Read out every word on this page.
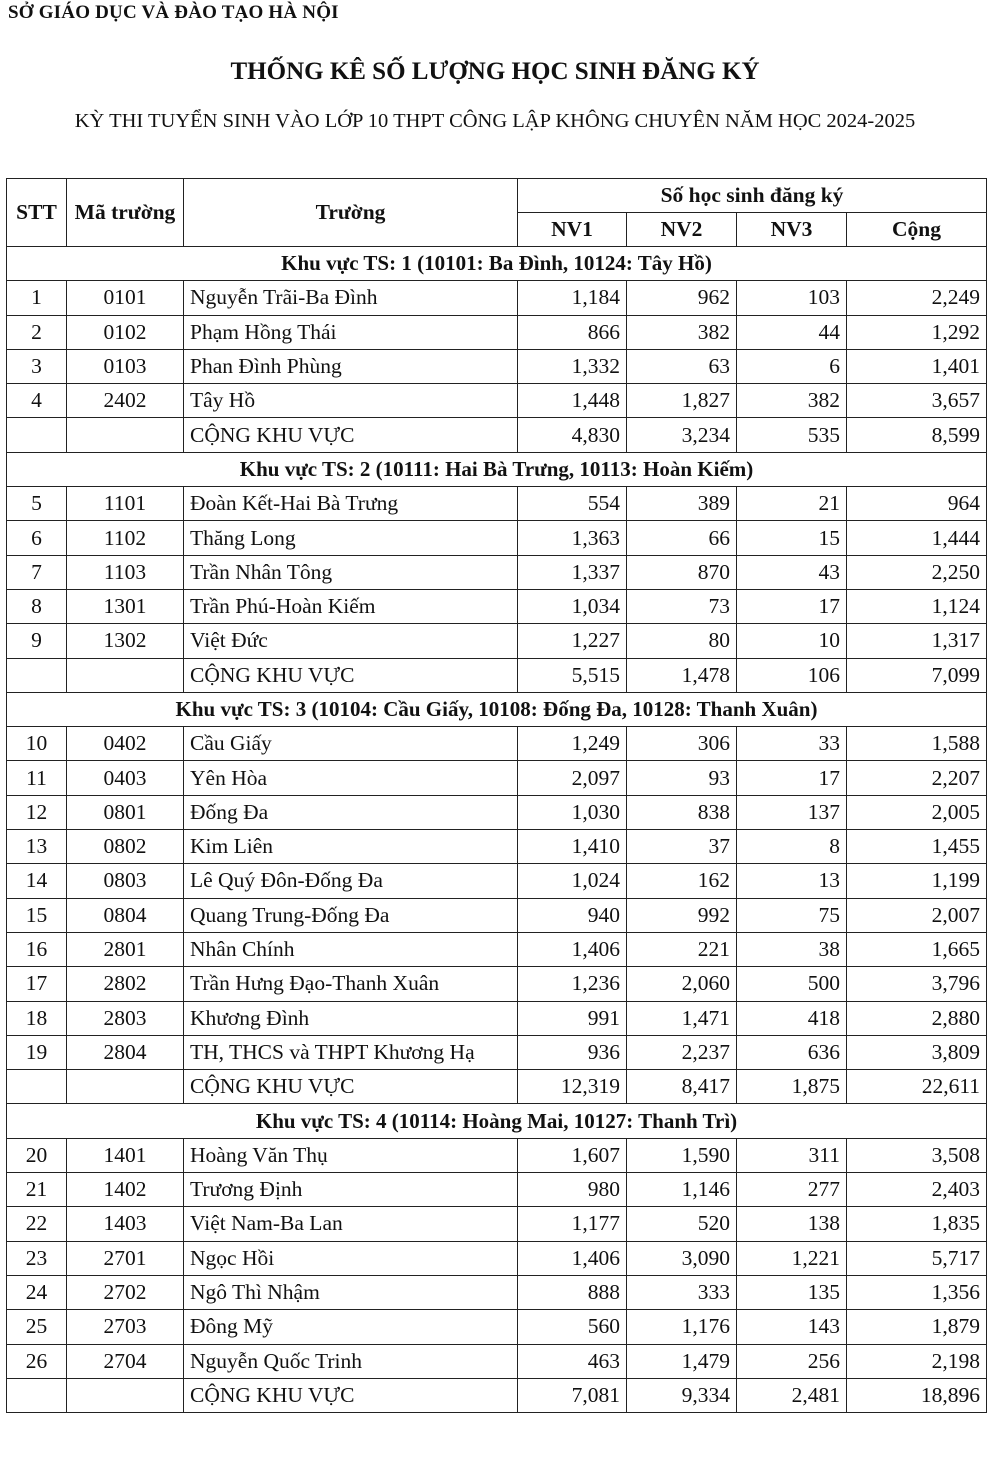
SỞ GIÁO DỤC VÀ ĐÀO TẠO HÀ NỘI
THỐNG KÊ SỐ LƯỢNG HỌC SINH ĐĂNG KÝ
KỲ THI TUYỂN SINH VÀO LỚP 10 THPT CÔNG LẬP KHÔNG CHUYÊN NĂM HỌC 2024-2025
STT	Mã trường	Trường	Số học sinh đăng ký			
			NV1	NV2	NV3	Cộng
Khu vực TS: 1 (10101: Ba Đình, 10124: Tây Hồ)						
1	0101	Nguyễn Trãi-Ba Đình	1,184	962	103	2,249
2	0102	Phạm Hồng Thái	866	382	44	1,292
3	0103	Phan Đình Phùng	1,332	63	6	1,401
4	2402	Tây Hồ	1,448	1,827	382	3,657
		CỘNG KHU VỰC	4,830	3,234	535	8,599
Khu vực TS: 2 (10111: Hai Bà Trưng, 10113: Hoàn Kiếm)						
5	1101	Đoàn Kết-Hai Bà Trưng	554	389	21	964
6	1102	Thăng Long	1,363	66	15	1,444
7	1103	Trần Nhân Tông	1,337	870	43	2,250
8	1301	Trần Phú-Hoàn Kiếm	1,034	73	17	1,124
9	1302	Việt Đức	1,227	80	10	1,317
		CỘNG KHU VỰC	5,515	1,478	106	7,099
Khu vực TS: 3 (10104: Cầu Giấy, 10108: Đống Đa, 10128: Thanh Xuân)						
10	0402	Cầu Giấy	1,249	306	33	1,588
11	0403	Yên Hòa	2,097	93	17	2,207
12	0801	Đống Đa	1,030	838	137	2,005
13	0802	Kim Liên	1,410	37	8	1,455
14	0803	Lê Quý Đôn-Đống Đa	1,024	162	13	1,199
15	0804	Quang Trung-Đống Đa	940	992	75	2,007
16	2801	Nhân Chính	1,406	221	38	1,665
17	2802	Trần Hưng Đạo-Thanh Xuân	1,236	2,060	500	3,796
18	2803	Khương Đình	991	1,471	418	2,880
19	2804	TH, THCS và THPT Khương Hạ	936	2,237	636	3,809
		CỘNG KHU VỰC	12,319	8,417	1,875	22,611
Khu vực TS: 4 (10114: Hoàng Mai, 10127: Thanh Trì)						
20	1401	Hoàng Văn Thụ	1,607	1,590	311	3,508
21	1402	Trương Định	980	1,146	277	2,403
22	1403	Việt Nam-Ba Lan	1,177	520	138	1,835
23	2701	Ngọc Hồi	1,406	3,090	1,221	5,717
24	2702	Ngô Thì Nhậm	888	333	135	1,356
25	2703	Đông Mỹ	560	1,176	143	1,879
26	2704	Nguyễn Quốc Trinh	463	1,479	256	2,198
		CỘNG KHU VỰC	7,081	9,334	2,481	18,896
